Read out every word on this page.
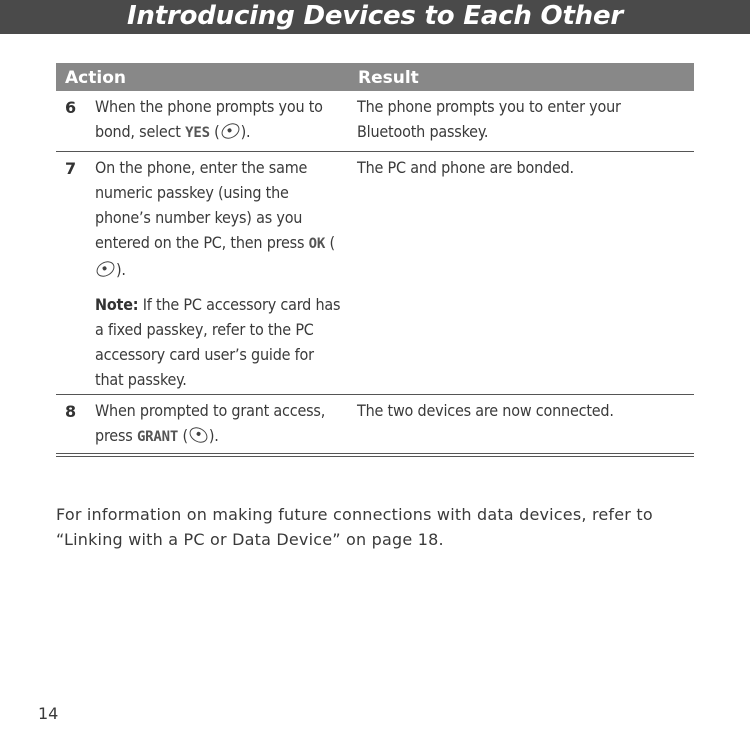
Introducing Devices to Each Other
Action	Result
6 When the phone prompts you to bond, select YES ( ).
The phone prompts you to enter your Bluetooth passkey.
7 On the phone, enter the same numeric passkey (using the phone’s number keys) as you entered on the PC, then press OK ().
Note: If the PC accessory card has a fixed passkey, refer to the PC accessory card user’s guide for that passkey.
The PC and phone are bonded.
8 When prompted to grant access, press GRANT ( ).
The two devices are now connected.

For information on making future connections with data devices, refer to “Linking with a PC or Data Device” on page 18.

14
